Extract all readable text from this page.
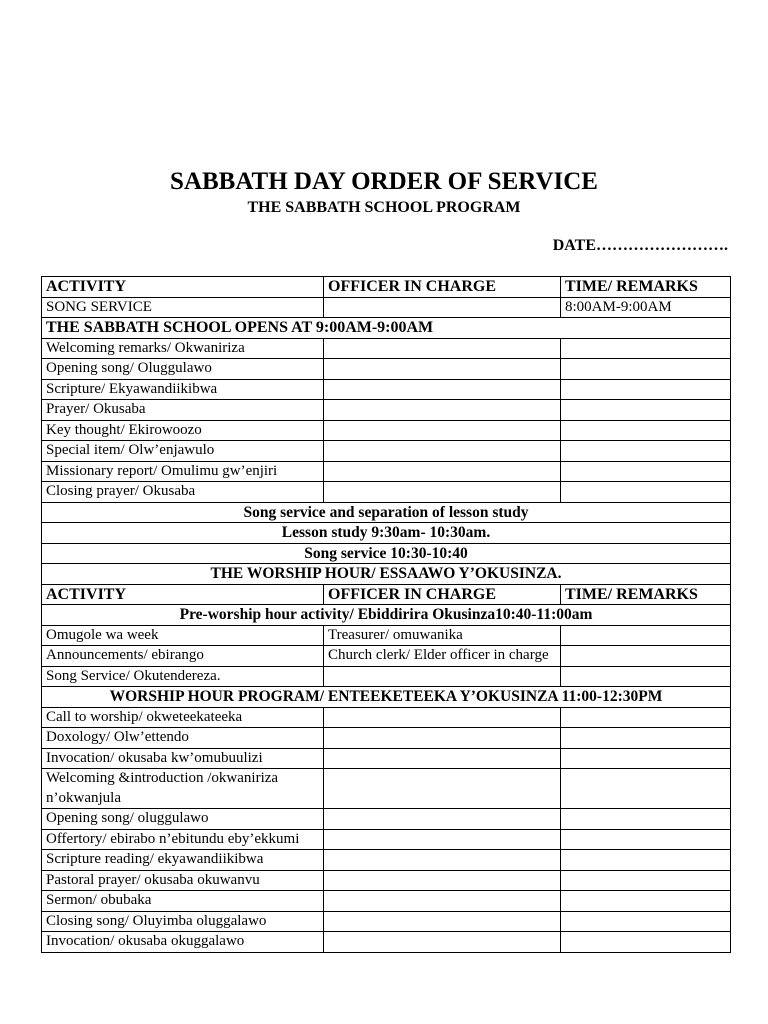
SABBATH DAY ORDER OF SERVICE
THE SABBATH SCHOOL PROGRAM
DATE…………………….
ACTIVITY	OFFICER IN CHARGE	TIME/ REMARKS
SONG SERVICE		8:00AM-9:00AM
THE SABBATH SCHOOL OPENS AT 9:00AM-9:00AM		
Welcoming remarks/ Okwaniriza		
Opening song/ Oluggulawo		
Scripture/ Ekyawandiikibwa		
Prayer/ Okusaba		
Key thought/ Ekirowoozo		
Special item/ Olw’enjawulo		
Missionary report/ Omulimu gw’enjiri		
Closing prayer/ Okusaba		
Song service and separation of lesson study		
Lesson study 9:30am- 10:30am.		
Song service 10:30-10:40		
THE WORSHIP HOUR/ ESSAAWO Y’OKUSINZA.		
ACTIVITY	OFFICER IN CHARGE	TIME/ REMARKS
Pre-worship hour activity/ Ebiddirira Okusinza10:40-11:00am		
Omugole wa week	Treasurer/ omuwanika	
Announcements/ ebirango	Church clerk/ Elder officer in charge	
Song Service/ Okutendereza.		
WORSHIP HOUR PROGRAM/ ENTEEKETEEKA Y’OKUSINZA 11:00-12:30PM		
Call to worship/ okweteekateeka		
Doxology/ Olw’ettendo		
Invocation/ okusaba kw’omubuulizi		
Welcoming &introduction /okwaniriza n’okwanjula		
Opening song/ oluggulawo		
Offertory/ ebirabo n’ebitundu eby’ekkumi		
Scripture reading/ ekyawandiikibwa		
Pastoral prayer/ okusaba okuwanvu		
Sermon/ obubaka		
Closing song/ Oluyimba oluggalawo		
Invocation/ okusaba okuggalawo		
